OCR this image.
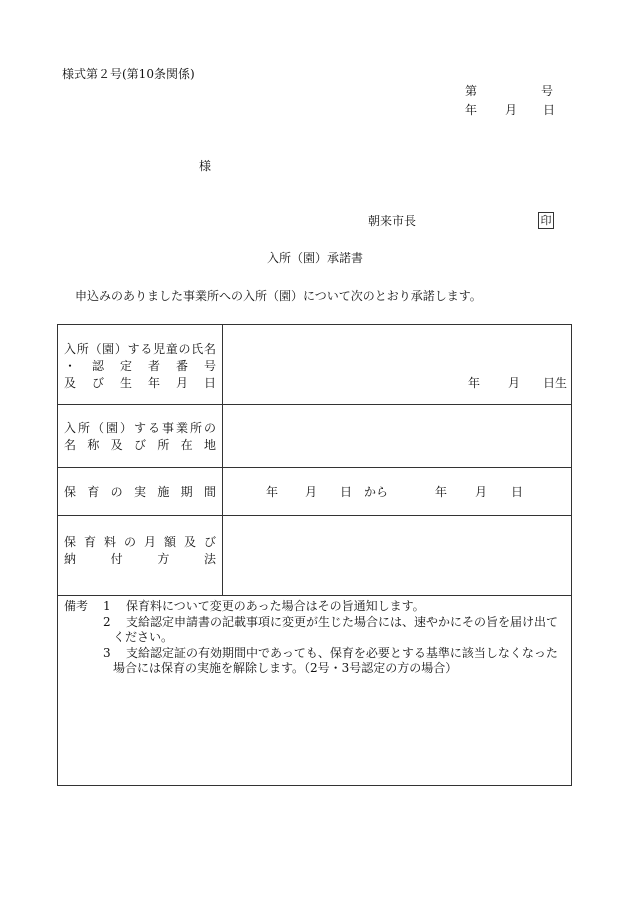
様式第２号(第10条関係)
第	号
年 月 日
様
朝来市長	印
入所（園）承諾書
申込みのありました事業所への入所（園）について次のとおり承諾します。
入所（園）する児童の氏名
・ 認 定 者 番 号
及 び 生 年 月 日	年 月 日生
入所（園）する事業所の
名 称 及 び 所 在 地
保 育 の 実 施 期 間	年 月 日 から	年 月 日
保 育 料 の 月 額 及 び
納 付 方 法
備考 1 保育料について変更のあった場合はその旨通知します。
2 支給認定申請書の記載事項に変更が生じた場合には、速やかにその旨を届け出て
ください。
3 支給認定証の有効期間中であっても、保育を必要とする基準に該当しなくなった
場合には保育の実施を解除します。（2号・3号認定の方の場合）
